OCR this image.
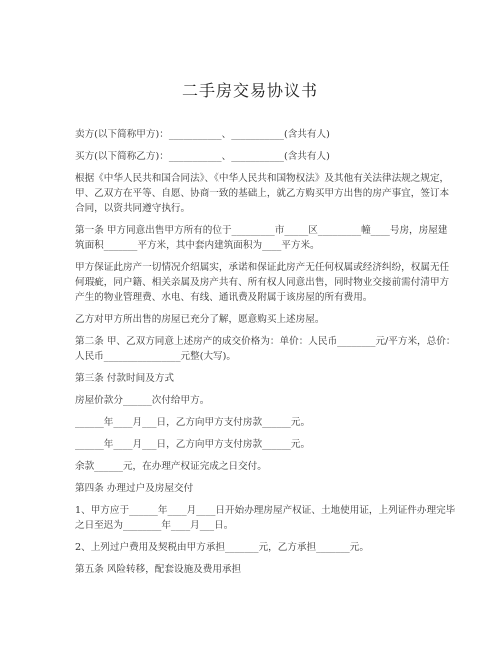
二手房交易协议书
卖方(以下简称甲方)：___________、___________(含共有人)
买方(以下简称乙方)：___________、___________(含共有人)
根据《中华人民共和国合同法》、《中华人民共和国物权法》及其他有关法律法规之规定，
甲、乙双方在平等、自愿、协商一致的基础上，就乙方购买甲方出售的房产事宜，签订本
合同，以资共同遵守执行。
第一条 甲方同意出售甲方所有的位于_________市_____区_________幢____号房，房屋建
筑面积_______平方米，其中套内建筑面积为____平方米。
甲方保证此房产一切情况介绍属实，承诺和保证此房产无任何权属或经济纠纷，权属无任
何瑕疵，同户籍、相关亲属及房产共有、所有权人同意出售，同时物业交接前需付清甲方
产生的物业管理费、水电、有线、通讯费及附属于该房屋的所有费用。
乙方对甲方所出售的房屋已充分了解，愿意购买上述房屋。
第二条 甲、乙双方同意上述房产的成交价格为：单价：人民币________元/平方米，总价：
人民币________________元整(大写)。
第三条 付款时间及方式
房屋价款分______次付给甲方。
______年____月___日，乙方向甲方支付房款______元。
______年____月___日，乙方向甲方支付房款______元。
余款______元，在办理产权证完成之日交付。
第四条 办理过户及房屋交付
1、甲方应于______年____月____日开始办理房屋产权证、土地使用证，上列证件办理完毕
之日至迟为________年____月___日。
2、上列过户费用及契税由甲方承担_______元，乙方承担_______元。
第五条 风险转移，配套设施及费用承担
